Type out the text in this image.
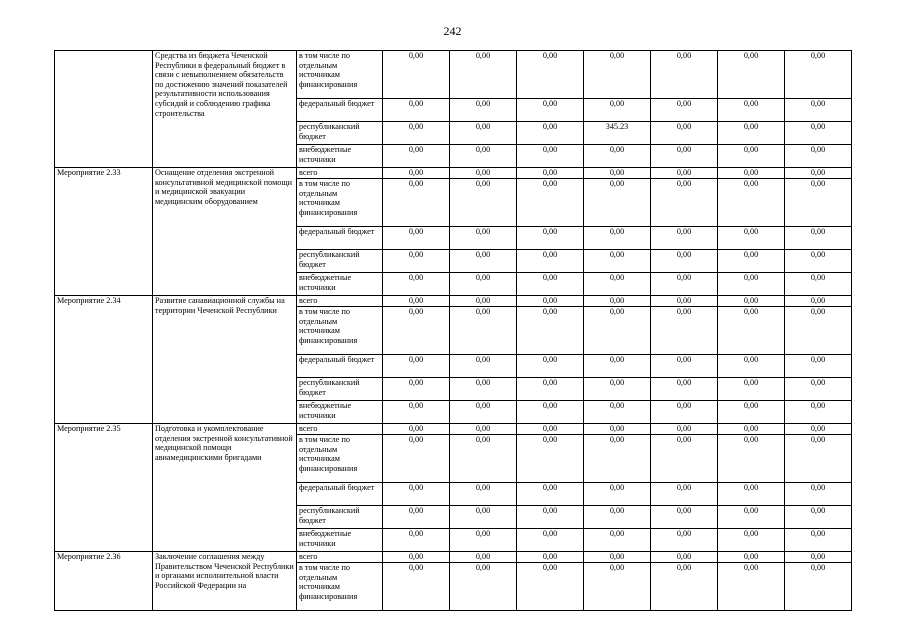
242
	Средства из бюджета Чеченской Республики в федеральный бюджет в связи с невыполнением обязательств по достижению значений показателей результативности использования субсидий и соблюдению графика строительства	в том числе по отдельным источникам финансирования	0,00	0,00	0,00	0,00	0,00	0,00	0,00
		федеральный бюджет	0,00	0,00	0,00	0,00	0,00	0,00	0,00
		республиканский бюджет	0,00	0,00	0,00	345.23	0,00	0,00	0,00
		внебюджетные источники	0,00	0,00	0,00	0,00	0,00	0,00	0,00
Мероприятие 2.33	Оснащение отделения экстренной консультативной медицинской помощи и медицинской эвакуации медицинским оборудованием	всего	0,00	0,00	0,00	0,00	0,00	0,00	0,00
		в том числе по отдельным источникам финансирования	0,00	0,00	0,00	0,00	0,00	0,00	0,00
		федеральный бюджет	0,00	0,00	0,00	0,00	0,00	0,00	0,00
		республиканский бюджет	0,00	0,00	0,00	0,00	0,00	0,00	0,00
		внебюджетные источники	0,00	0,00	0,00	0,00	0,00	0,00	0,00
Мероприятие 2.34	Развитие санавиационной службы на территории Чеченской Республики	всего	0,00	0,00	0,00	0,00	0,00	0,00	0,00
		в том числе по отдельным источникам финансирования	0,00	0,00	0,00	0,00	0,00	0,00	0,00
		федеральный бюджет	0,00	0,00	0,00	0,00	0,00	0,00	0,00
		республиканский бюджет	0,00	0,00	0,00	0,00	0,00	0,00	0,00
		внебюджетные источники	0,00	0,00	0,00	0,00	0,00	0,00	0,00
Мероприятие 2.35	Подготовка и укомплектование отделения экстренной консультативной медицинской помощи авиамедицинскими бригадами	всего	0,00	0,00	0,00	0,00	0,00	0,00	0,00
		в том числе по отдельным источникам финансирования	0,00	0,00	0,00	0,00	0,00	0,00	0,00
		федеральный бюджет	0,00	0,00	0,00	0,00	0,00	0,00	0,00
		республиканский бюджет	0,00	0,00	0,00	0,00	0,00	0,00	0,00
		внебюджетные источники	0,00	0,00	0,00	0,00	0,00	0,00	0,00
Мероприятие 2.36	Заключение соглашения между Правительством Чеченской Республики и органами исполнительной власти Российской Федерации на	всего	0,00	0,00	0,00	0,00	0,00	0,00	0,00
		в том числе по отдельным источникам финансирования	0,00	0,00	0,00	0,00	0,00	0,00	0,00
